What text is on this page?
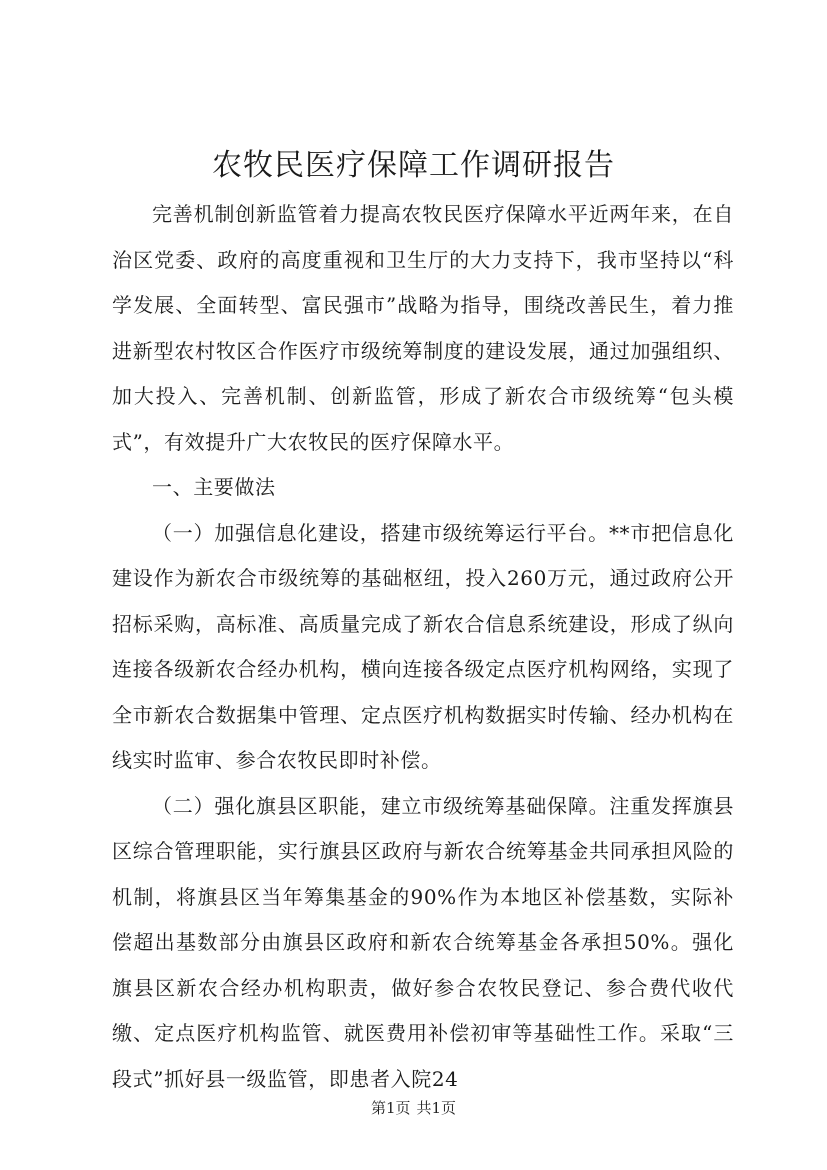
农牧民医疗保障工作调研报告

完善机制创新监管着力提高农牧民医疗保障水平近两年来，在自治区党委、政府的高度重视和卫生厅的大力支持下，我市坚持以“科学发展、全面转型、富民强市”战略为指导，围绕改善民生，着力推进新型农村牧区合作医疗市级统筹制度的建设发展，通过加强组织、加大投入、完善机制、创新监管，形成了新农合市级统筹“包头模式”，有效提升广大农牧民的医疗保障水平。

一、主要做法

（一）加强信息化建设，搭建市级统筹运行平台。**市把信息化建设作为新农合市级统筹的基础枢纽，投入260万元，通过政府公开招标采购，高标准、高质量完成了新农合信息系统建设，形成了纵向连接各级新农合经办机构，横向连接各级定点医疗机构网络，实现了全市新农合数据集中管理、定点医疗机构数据实时传输、经办机构在线实时监审、参合农牧民即时补偿。

（二）强化旗县区职能，建立市级统筹基础保障。注重发挥旗县区综合管理职能，实行旗县区政府与新农合统筹基金共同承担风险的机制，将旗县区当年筹集基金的90%作为本地区补偿基数，实际补偿超出基数部分由旗县区政府和新农合统筹基金各承担50%。强化旗县区新农合经办机构职责，做好参合农牧民登记、参合费代收代缴、定点医疗机构监管、就医费用补偿初审等基础性工作。采取“三段式”抓好县一级监管，即患者入院24

第1页 共1页
